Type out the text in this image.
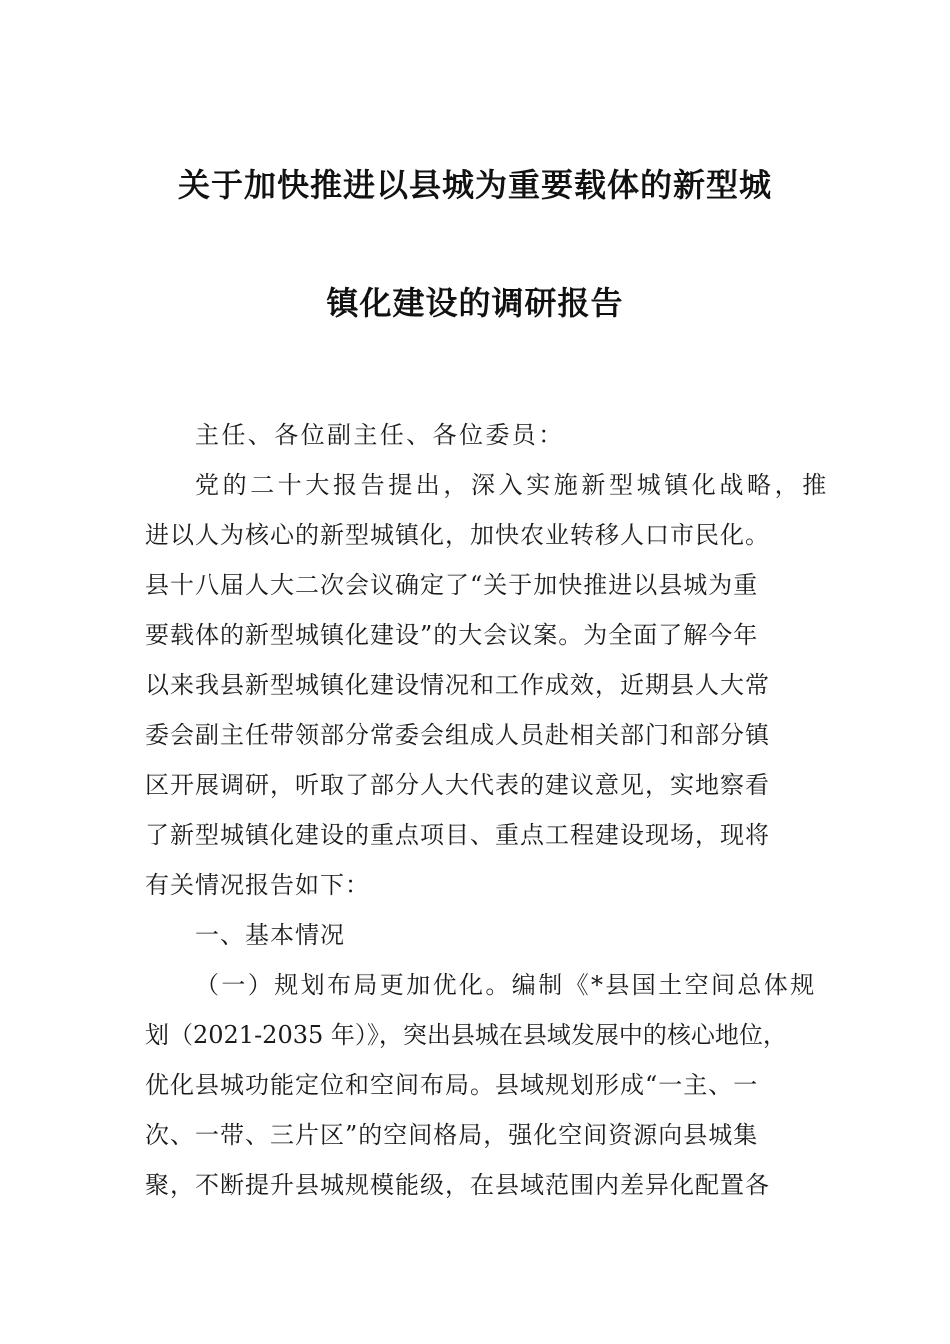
关于加快推进以县城为重要载体的新型城
镇化建设的调研报告
主任、各位副主任、各位委员：
党的二十大报告提出，深入实施新型城镇化战略，推
进以人为核心的新型城镇化，加快农业转移人口市民化。
县十八届人大二次会议确定了“关于加快推进以县城为重
要载体的新型城镇化建设”的大会议案。为全面了解今年
以来我县新型城镇化建设情况和工作成效，近期县人大常
委会副主任带领部分常委会组成人员赴相关部门和部分镇
区开展调研，听取了部分人大代表的建议意见，实地察看
了新型城镇化建设的重点项目、重点工程建设现场，现将
有关情况报告如下：
一、基本情况
（一）规划布局更加优化。编制《*县国土空间总体规
划（2021-2035 年）》，突出县城在县域发展中的核心地位，
优化县城功能定位和空间布局。县域规划形成“一主、一
次、一带、三片区”的空间格局，强化空间资源向县城集
聚，不断提升县城规模能级，在县域范围内差异化配置各
